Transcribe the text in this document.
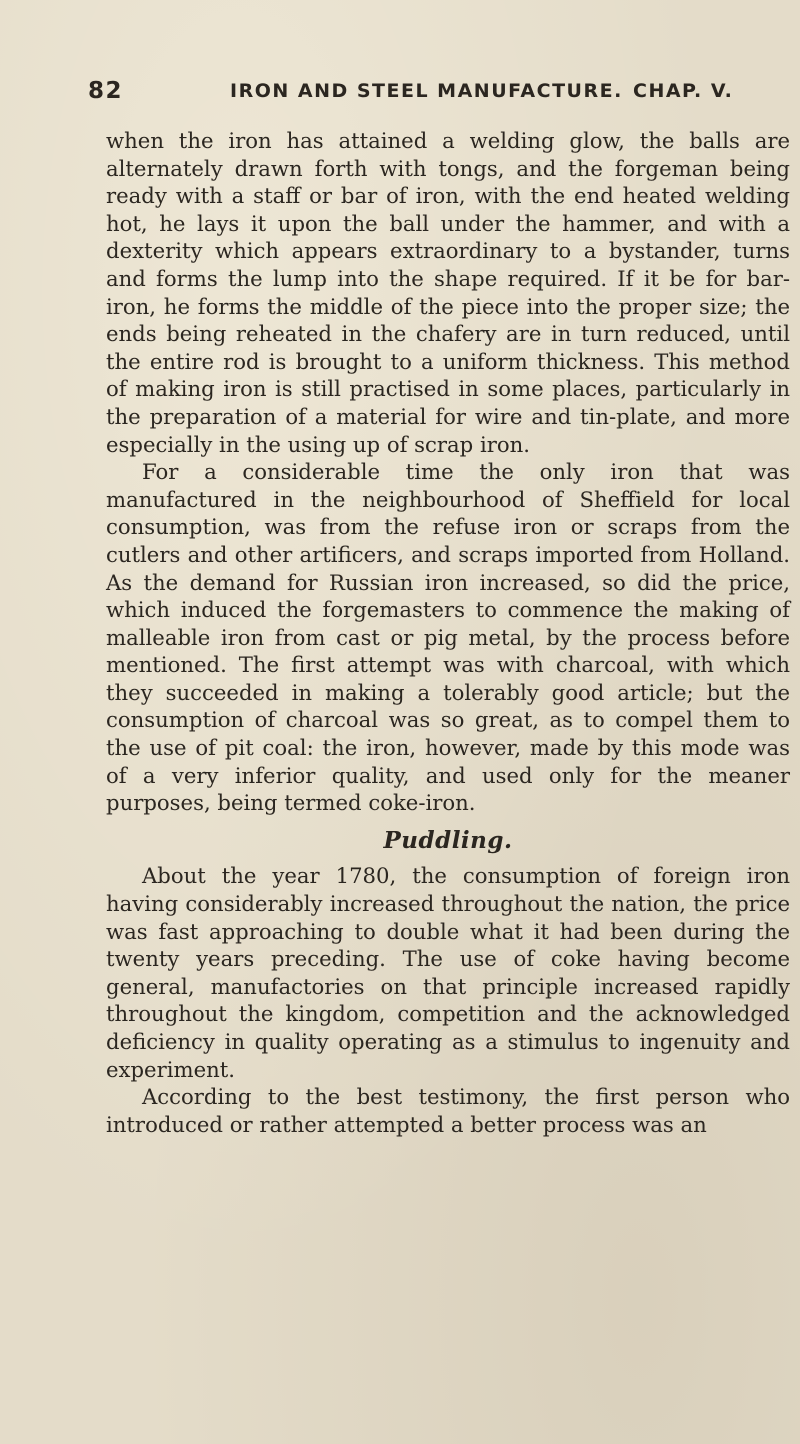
82	IRON AND STEEL MANUFACTURE. CHAP. V.

when the iron has attained a welding glow, the balls are alternately drawn forth with tongs, and the forgeman being ready with a staff or bar of iron, with the end heated welding hot, he lays it upon the ball under the hammer, and with a dexterity which appears extraordinary to a bystander, turns and forms the lump into the shape required. If it be for bar-iron, he forms the middle of the piece into the proper size; the ends being reheated in the chafery are in turn reduced, until the entire rod is brought to a uniform thickness. This method of making iron is still practised in some places, particularly in the preparation of a material for wire and tin-plate, and more especially in the using up of scrap iron.

For a considerable time the only iron that was manufactured in the neighbourhood of Sheffield for local consumption, was from the refuse iron or scraps from the cutlers and other artificers, and scraps imported from Holland. As the demand for Russian iron increased, so did the price, which induced the forgemasters to commence the making of malleable iron from cast or pig metal, by the process before mentioned. The first attempt was with charcoal, with which they succeeded in making a tolerably good article; but the consumption of charcoal was so great, as to compel them to the use of pit coal: the iron, however, made by this mode was of a very inferior quality, and used only for the meaner purposes, being termed coke-iron.

Puddling.

About the year 1780, the consumption of foreign iron having considerably increased throughout the nation, the price was fast approaching to double what it had been during the twenty years preceding. The use of coke having become general, manufactories on that principle increased rapidly throughout the kingdom, competition and the acknowledged deficiency in quality operating as a stimulus to ingenuity and experiment.

According to the best testimony, the first person who introduced or rather attempted a better process was an
